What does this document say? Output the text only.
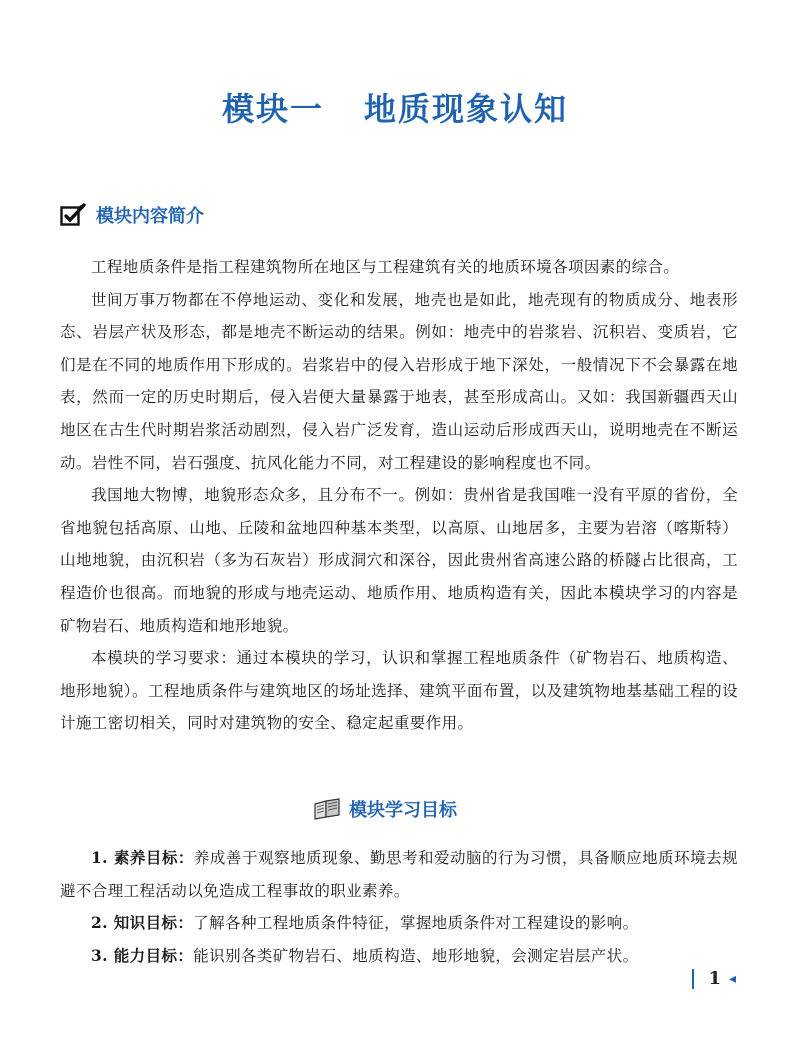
模块一 地质现象认知
模块内容简介

工程地质条件是指工程建筑物所在地区与工程建筑有关的地质环境各项因素的综合。

世间万事万物都在不停地运动、变化和发展，地壳也是如此，地壳现有的物质成分、地表形态、岩层产状及形态，都是地壳不断运动的结果。例如：地壳中的岩浆岩、沉积岩、变质岩，它们是在不同的地质作用下形成的。岩浆岩中的侵入岩形成于地下深处，一般情况下不会暴露在地表，然而一定的历史时期后，侵入岩便大量暴露于地表，甚至形成高山。又如：我国新疆西天山地区在古生代时期岩浆活动剧烈，侵入岩广泛发育，造山运动后形成西天山，说明地壳在不断运动。岩性不同，岩石强度、抗风化能力不同，对工程建设的影响程度也不同。

我国地大物博，地貌形态众多，且分布不一。例如：贵州省是我国唯一没有平原的省份，全省地貌包括高原、山地、丘陵和盆地四种基本类型，以高原、山地居多，主要为岩溶（喀斯特）山地地貌，由沉积岩（多为石灰岩）形成洞穴和深谷，因此贵州省高速公路的桥隧占比很高，工程造价也很高。而地貌的形成与地壳运动、地质作用、地质构造有关，因此本模块学习的内容是矿物岩石、地质构造和地形地貌。

本模块的学习要求：通过本模块的学习，认识和掌握工程地质条件（矿物岩石、地质构造、地形地貌）。工程地质条件与建筑地区的场址选择、建筑平面布置，以及建筑物地基基础工程的设计施工密切相关，同时对建筑物的安全、稳定起重要作用。

模块学习目标

1. 素养目标：养成善于观察地质现象、勤思考和爱动脑的行为习惯，具备顺应地质环境去规避不合理工程活动以免造成工程事故的职业素养。

2. 知识目标：了解各种工程地质条件特征，掌握地质条件对工程建设的影响。

3. 能力目标：能识别各类矿物岩石、地质构造、地形地貌，会测定岩层产状。

1 ◂
